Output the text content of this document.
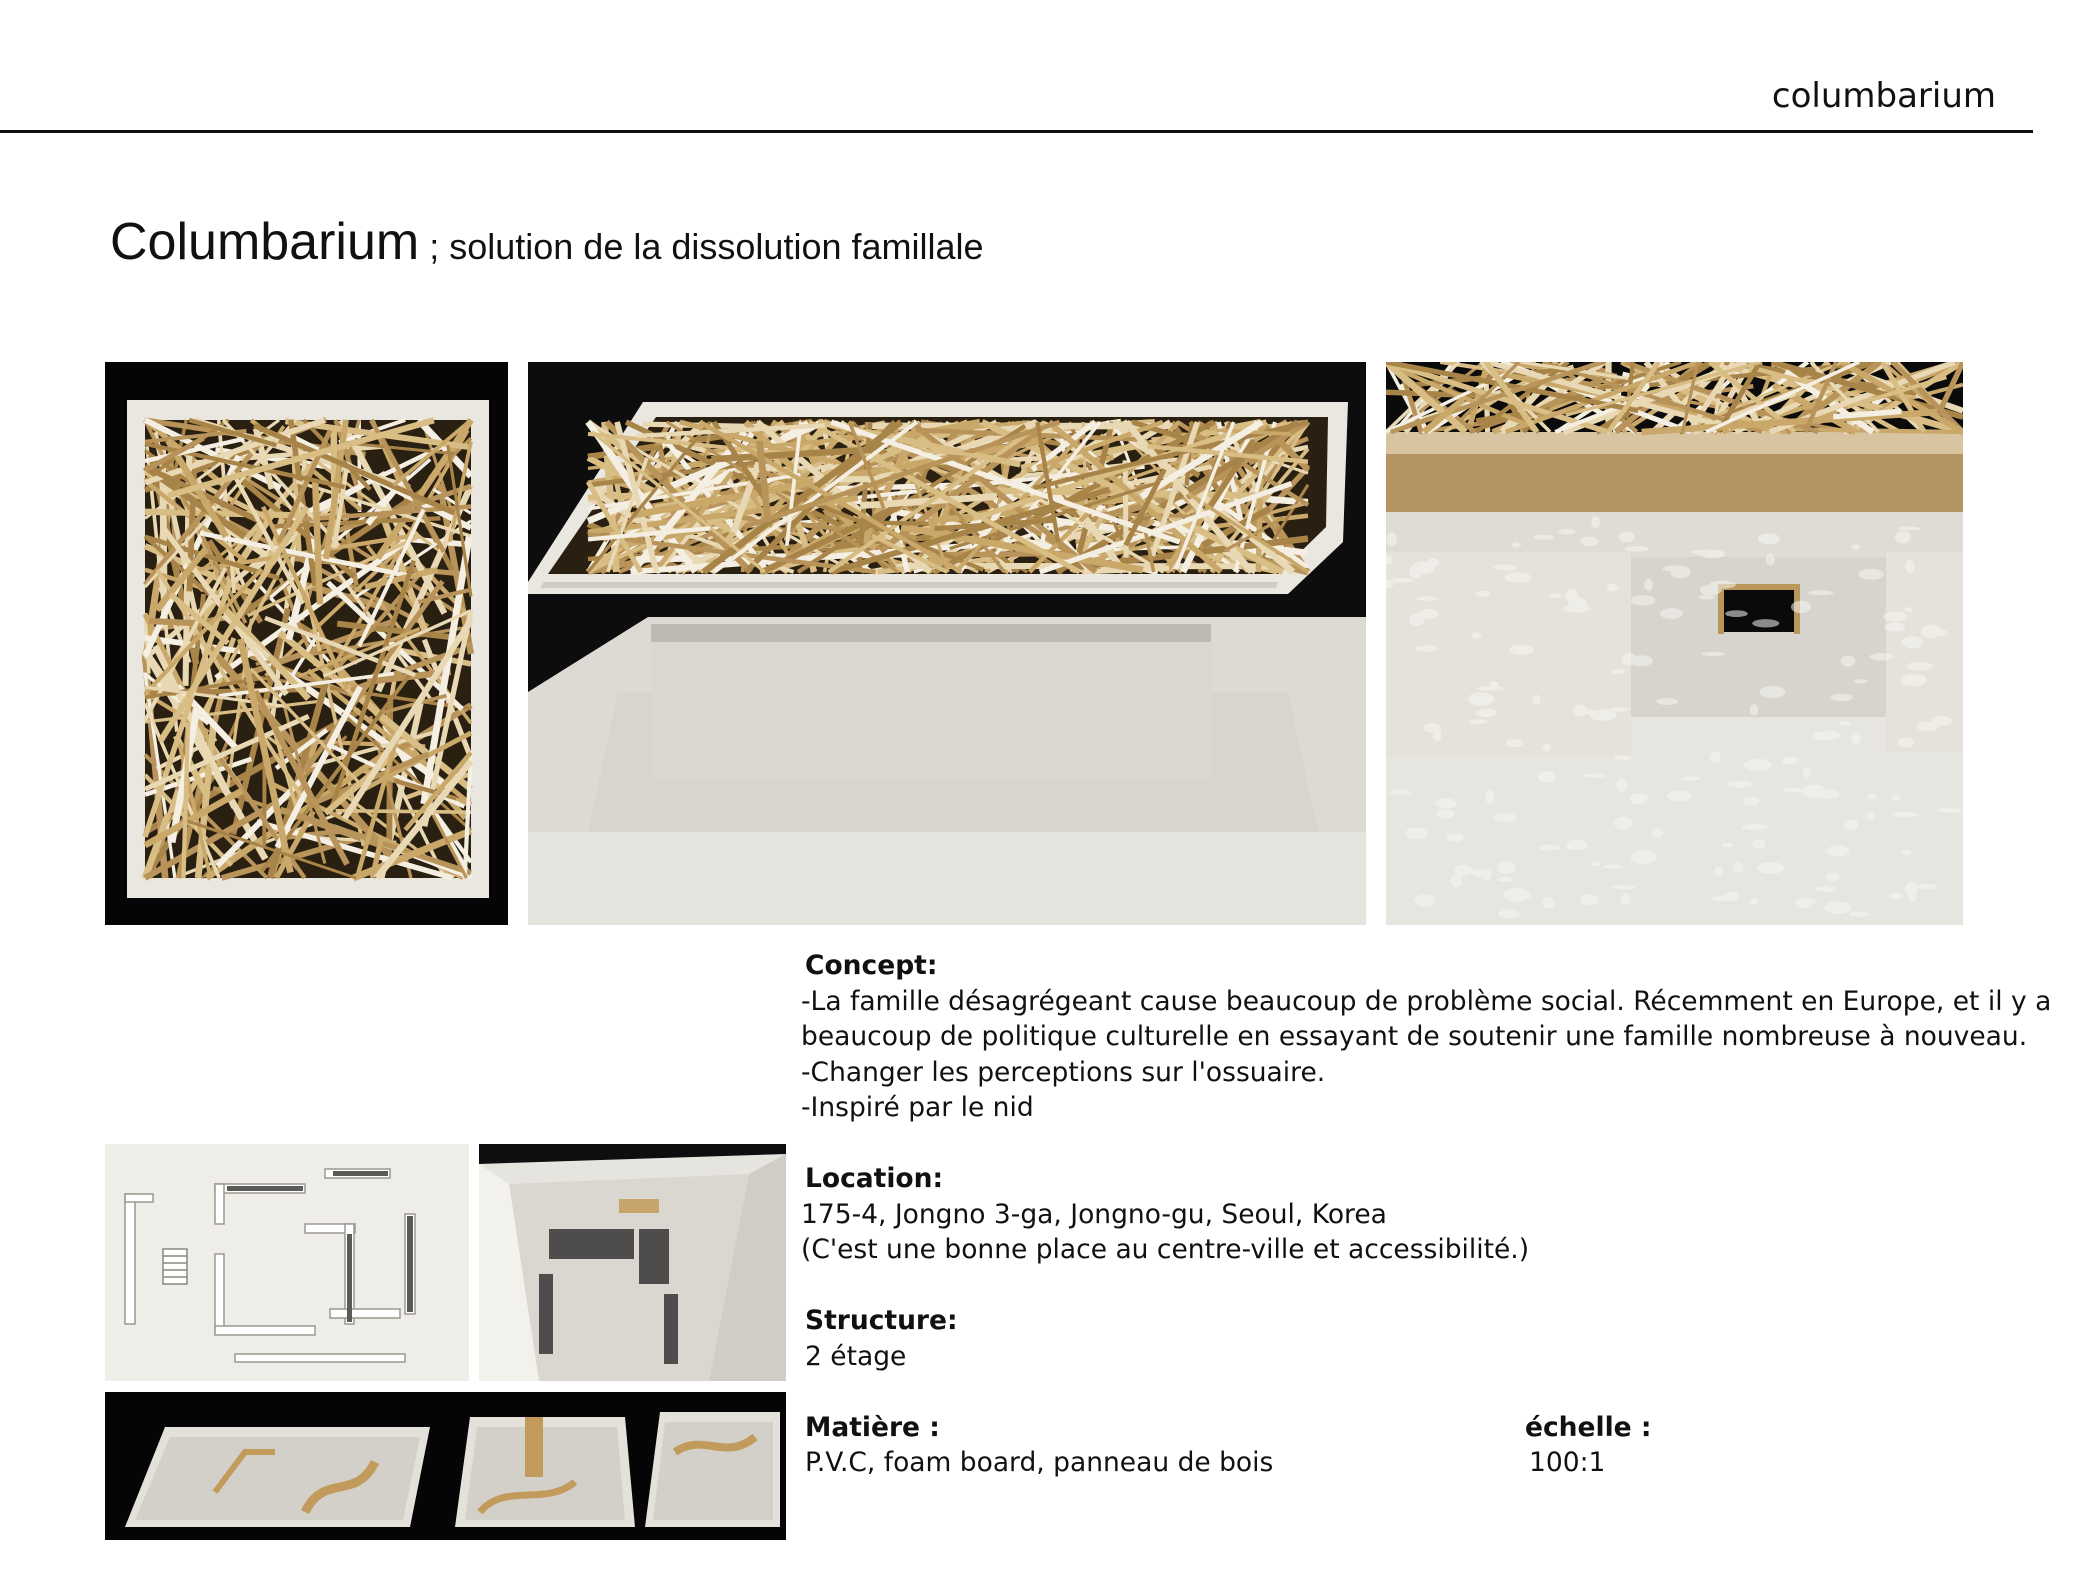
columbarium
Columbarium ; solution de la dissolution famillale
Concept:
-La famille désagrégeant cause beaucoup de problème social. Récemment en Europe, et il y a
beaucoup de politique culturelle en essayant de soutenir une famille nombreuse à nouveau.
-Changer les perceptions sur l'ossuaire.
-Inspiré par le nid
Location:
175-4, Jongno 3-ga, Jongno-gu, Seoul, Korea
(C'est une bonne place au centre-ville et accessibilité.)
Structure:
2 étage
Matière :
P.V.C, foam board, panneau de bois
échelle :
100:1
